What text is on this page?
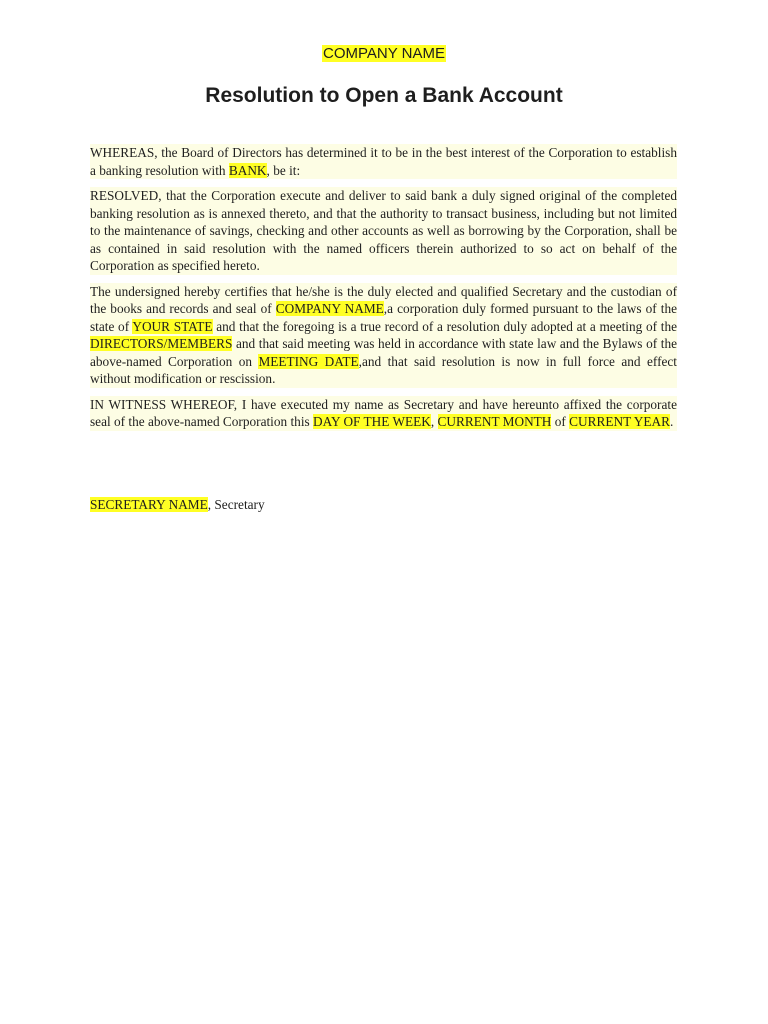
COMPANY NAME
Resolution to Open a Bank Account

WHEREAS, the Board of Directors has determined it to be in the best interest of the Corporation to establish a banking resolution with BANK, be it:

RESOLVED, that the Corporation execute and deliver to said bank a duly signed original of the completed banking resolution as is annexed thereto, and that the authority to transact business, including but not limited to the maintenance of savings, checking and other accounts as well as borrowing by the Corporation, shall be as contained in said resolution with the named officers therein authorized to so act on behalf of the Corporation as specified hereto.

The undersigned hereby certifies that he/she is the duly elected and qualified Secretary and the custodian of the books and records and seal of COMPANY NAME,a corporation duly formed pursuant to the laws of the state of YOUR STATE and that the foregoing is a true record of a resolution duly adopted at a meeting of the DIRECTORS/MEMBERS and that said meeting was held in accordance with state law and the Bylaws of the above-named Corporation on MEETING DATE,and that said resolution is now in full force and effect without modification or rescission.

IN WITNESS WHEREOF, I have executed my name as Secretary and have hereunto affixed the corporate seal of the above-named Corporation this DAY OF THE WEEK, CURRENT MONTH of CURRENT YEAR.

SECRETARY NAME, Secretary
